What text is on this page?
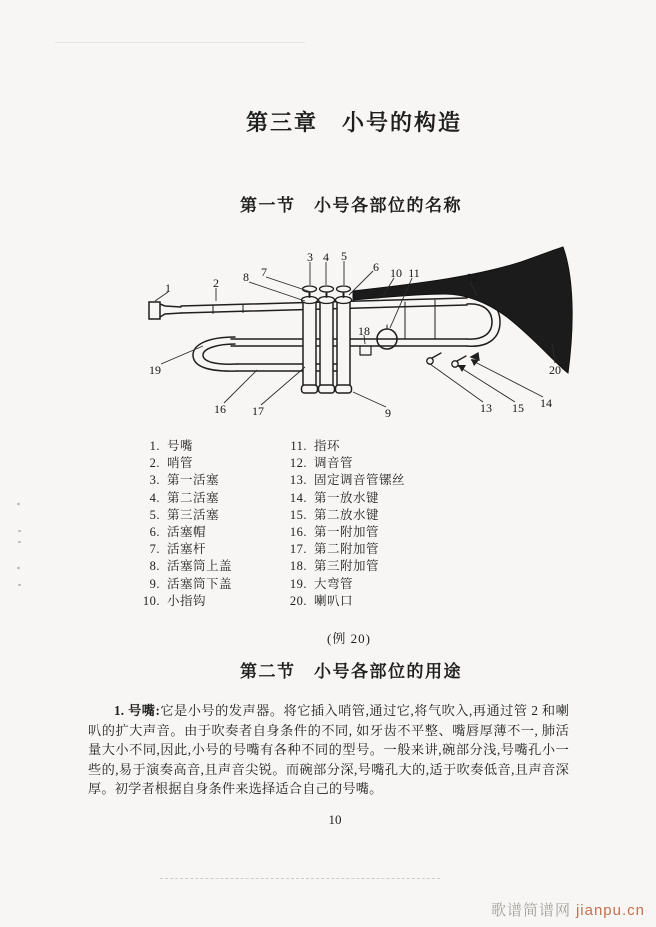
第三章　小号的构造
第一节　小号各部位的名称
1	2
3 4 5
6
7
8
9
10 11	12
13	14
15
16 17
18
19	20
1. 号嘴
2. 哨管
3. 第一活塞
4. 第二活塞
5. 第三活塞
6. 活塞帽
7. 活塞杆
8. 活塞筒上盖
9. 活塞筒下盖
10. 小指钩
11. 指环
12. 调音管
13. 固定调音管镙丝
14. 第一放水键
15. 第二放水键
16. 第一附加管
17. 第二附加管
18. 第三附加管
19. 大弯管
20. 喇叭口
(例 20)
第二节　小号各部位的用途
1. 号嘴:它是小号的发声器。将它插入哨管,通过它,将气吹入,再通过管 2 和喇叭的扩大声音。由于吹奏者自身条件的不同, 如牙齿不平整、嘴唇厚薄不一, 肺活量大小不同,因此,小号的号嘴有各种不同的型号。一般来讲,碗部分浅,号嘴孔小一些的,易于演奏高音,且声音尖锐。而碗部分深,号嘴孔大的,适于吹奏低音,且声音深厚。初学者根据自身条件来选择适合自己的号嘴。
10
歌谱简谱网 jianpu.cn
